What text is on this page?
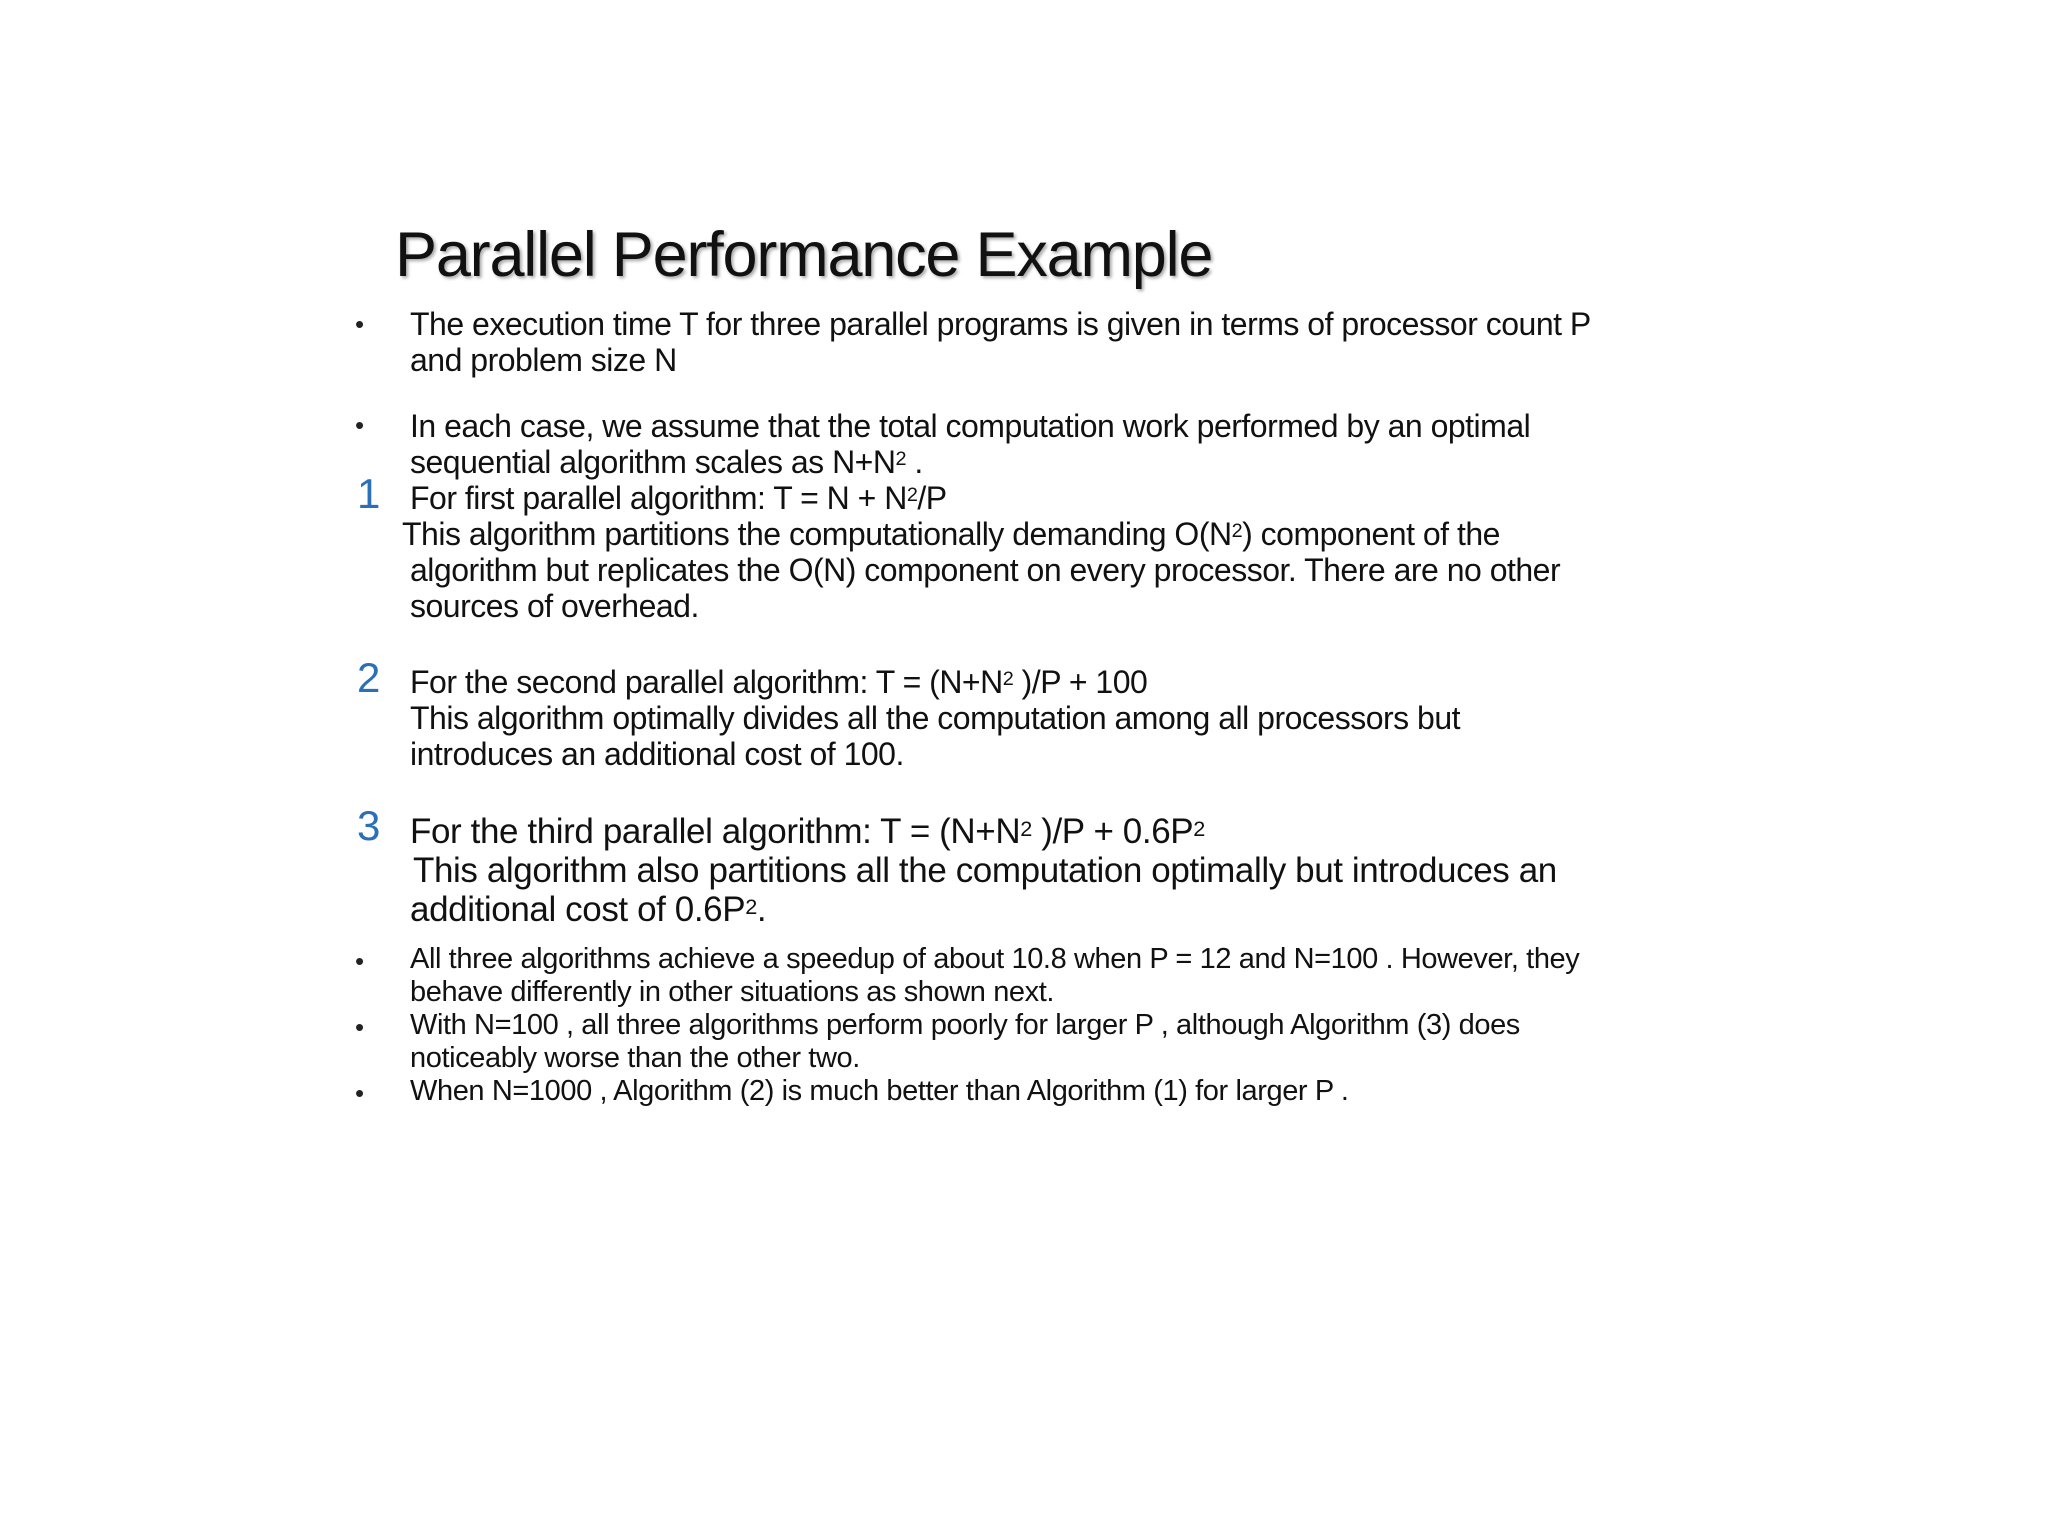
Parallel Performance Example
• The execution time T for three parallel programs is given in terms of processor count P
and problem size N
• In each case, we assume that the total computation work performed by an optimal
sequential algorithm scales as $N+N^2$ .
1 For first parallel algorithm: $T = N + N^2/P$
This algorithm partitions the computationally demanding $O(N^2)$ component of the
algorithm but replicates the O(N) component on every processor. There are no other
sources of overhead.
2 For the second parallel algorithm: $T = (N+N^2$ )/P + 100
This algorithm optimally divides all the computation among all processors but
introduces an additional cost of 100.
3 For the third parallel algorithm: $T = (N+N^2$ )$/P + 0.6P^2$
This algorithm also partitions all the computation optimally but introduces an
additional cost of $0.6P^2$.
• All three algorithms achieve a speedup of about 10.8 when P = 12 and N=100 . However, they
behave differently in other situations as shown next.
• With N=100 , all three algorithms perform poorly for larger P , although Algorithm (3) does
noticeably worse than the other two.
• When N=1000 , Algorithm (2) is much better than Algorithm (1) for larger P .
